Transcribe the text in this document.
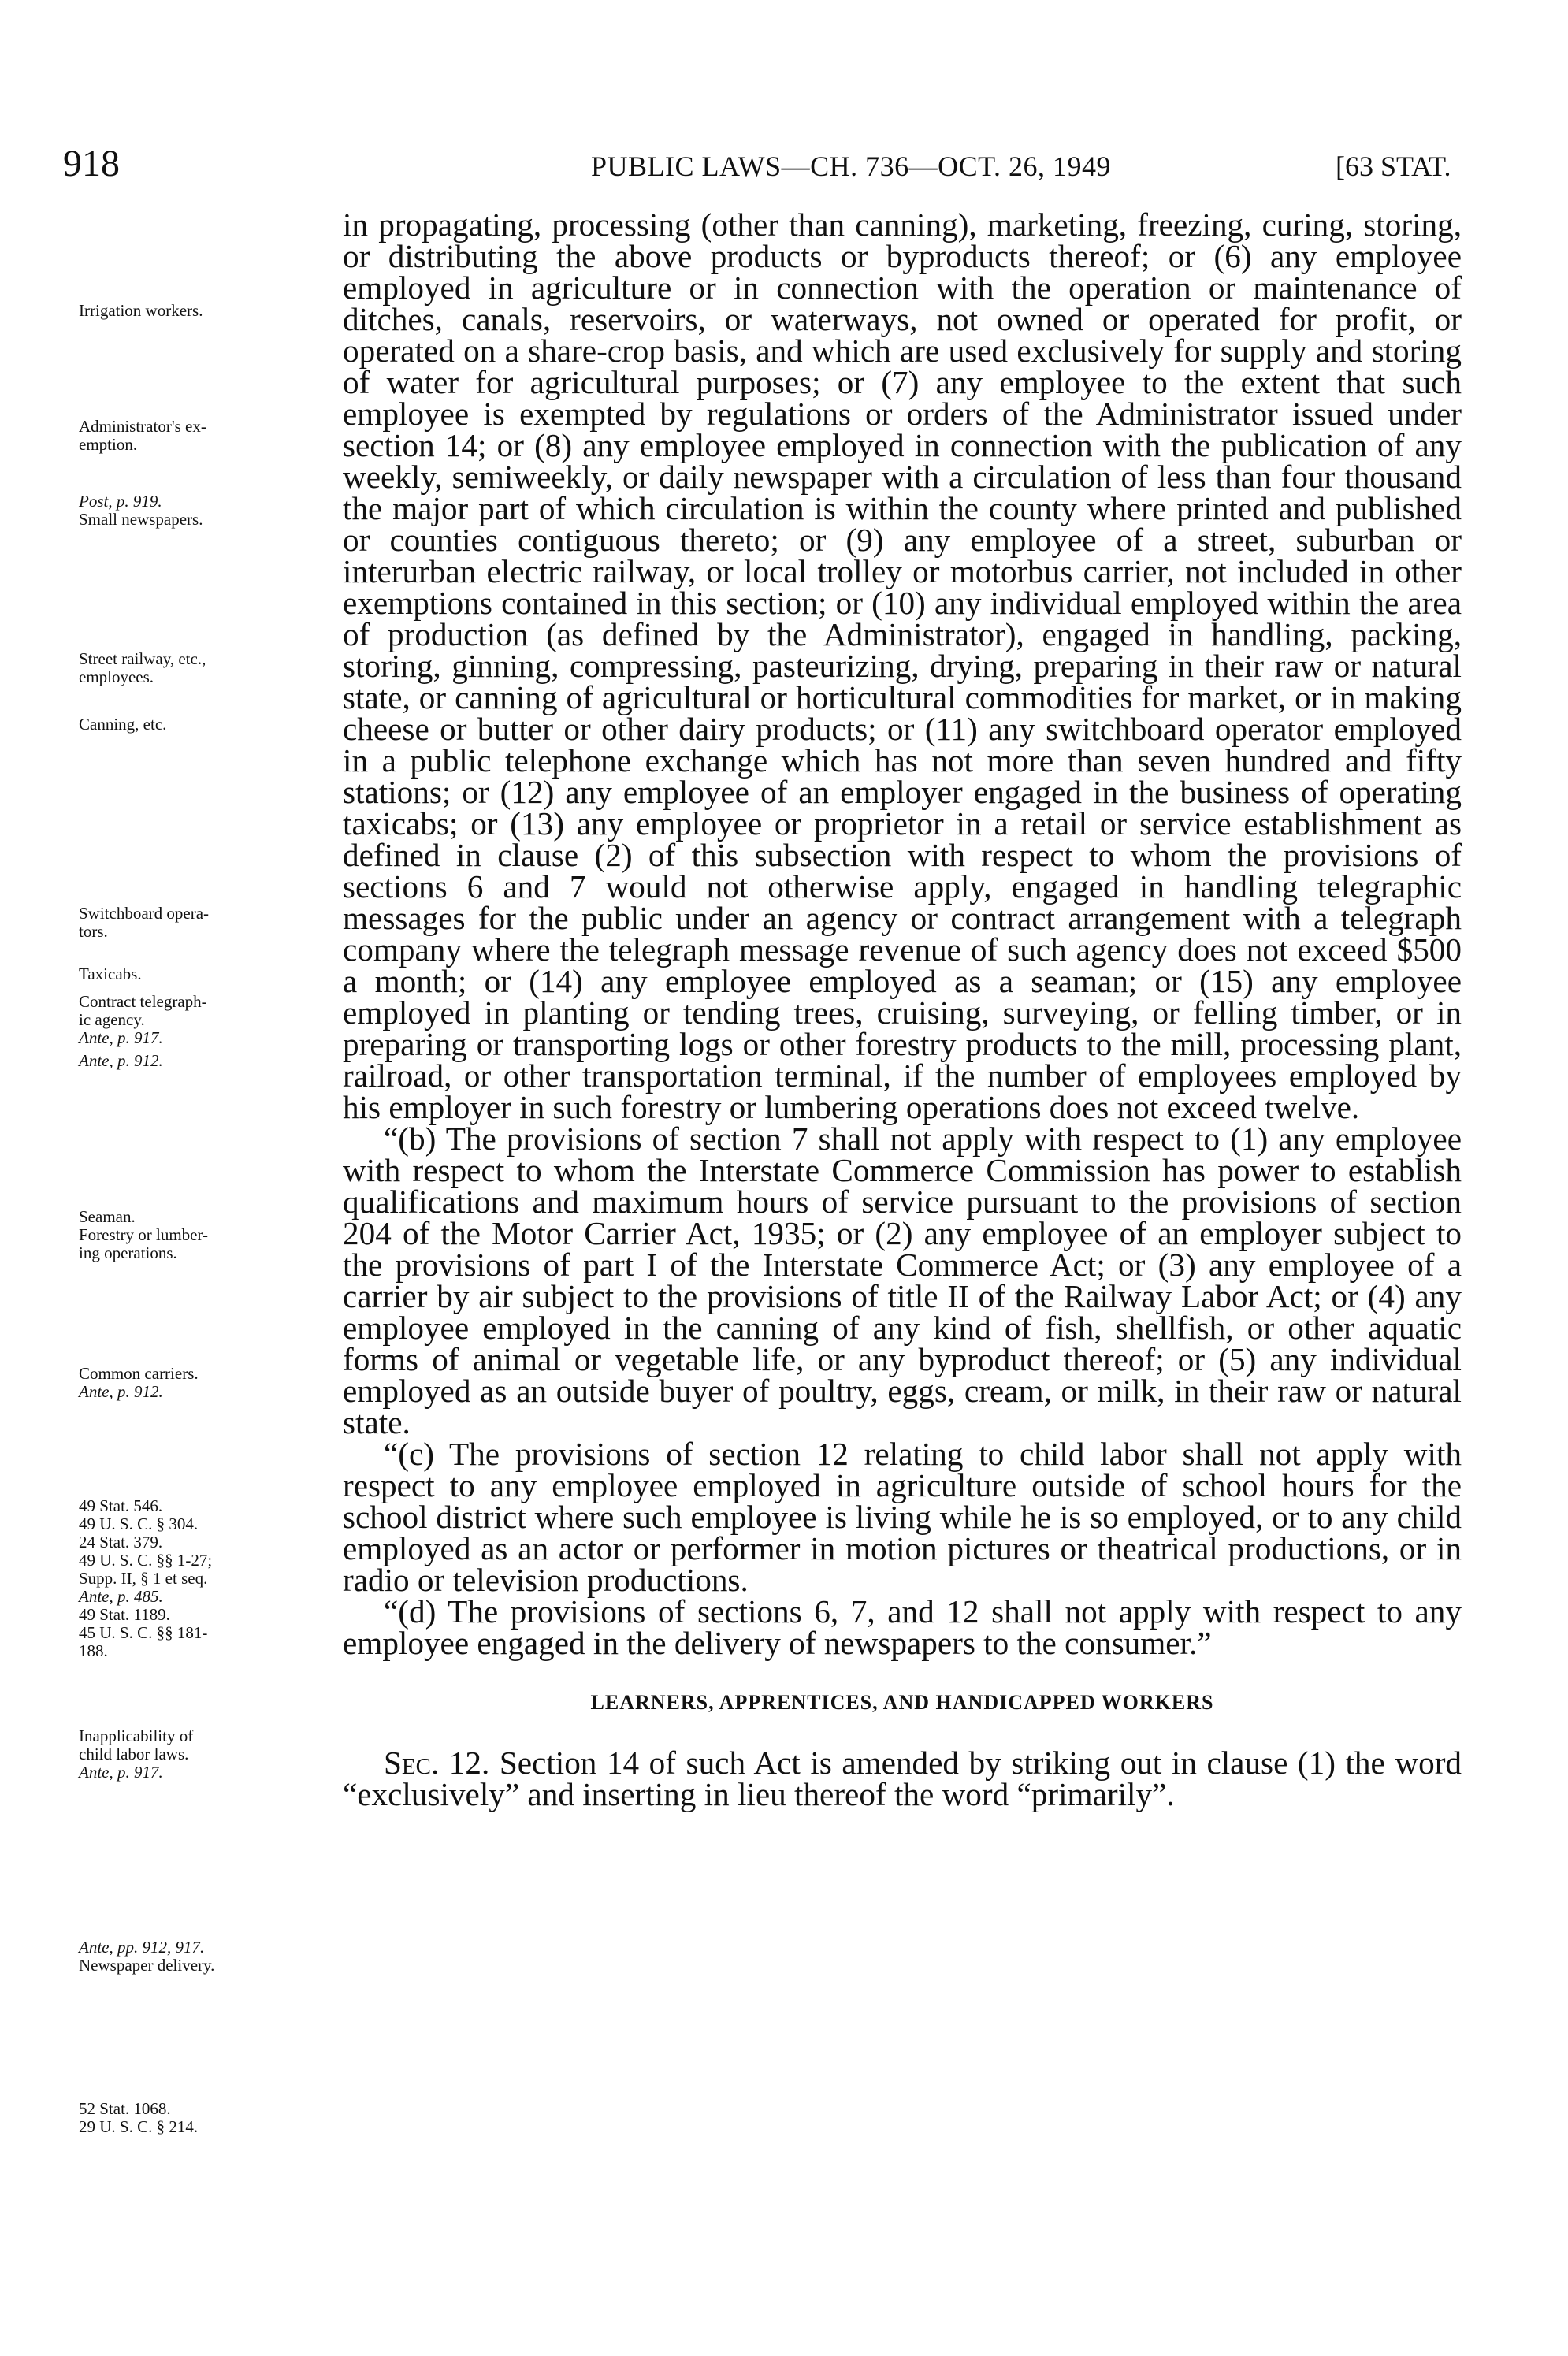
918	PUBLIC LAWS—CH. 736—OCT. 26, 1949	[63 STAT.
Irrigation workers.
Administrator's ex-
emption.
Post, p. 919.
Small newspapers.
Street railway, etc.,
employees.
Canning, etc.
Switchboard opera-
tors.
Taxicabs.
Contract telegraph-
ic agency.
Ante, p. 917.
Ante, p. 912.
Seaman.
Forestry or lumber-
ing operations.
Common carriers.
Ante, p. 912.
49 Stat. 546.
49 U. S. C. § 304.
24 Stat. 379.
49 U. S. C. §§ 1-27;
Supp. II, § 1 et seq.
Ante, p. 485.
49 Stat. 1189.
45 U. S. C. §§ 181-
188.
Inapplicability of
child labor laws.
Ante, p. 917.
Ante, pp. 912, 917.
Newspaper delivery.
52 Stat. 1068.
29 U. S. C. § 214.

in propagating, processing (other than canning), marketing, freezing, curing, storing, or distributing the above products or byproducts thereof; or (6) any employee employed in agriculture or in connection with the operation or maintenance of ditches, canals, reservoirs, or waterways, not owned or operated for profit, or operated on a share-crop basis, and which are used exclusively for supply and storing of water for agricultural purposes; or (7) any employee to the extent that such employee is exempted by regulations or orders of the Administrator issued under section 14; or (8) any employee employed in connection with the publication of any weekly, semiweekly, or daily newspaper with a circulation of less than four thousand the major part of which circulation is within the county where printed and published or counties contiguous thereto; or (9) any employee of a street, suburban or interurban electric railway, or local trolley or motorbus carrier, not included in other exemptions contained in this section; or (10) any individual employed within the area of production (as defined by the Administrator), engaged in handling, packing, storing, ginning, compressing, pasteurizing, drying, preparing in their raw or natural state, or canning of agricultural or horticultural commodities for market, or in making cheese or butter or other dairy products; or (11) any switchboard operator employed in a public telephone exchange which has not more than seven hundred and fifty stations; or (12) any employee of an employer engaged in the business of operating taxicabs; or (13) any employee or proprietor in a retail or service establishment as defined in clause (2) of this subsection with respect to whom the provisions of sections 6 and 7 would not otherwise apply, engaged in handling telegraphic messages for the public under an agency or contract arrangement with a telegraph company where the telegraph message revenue of such agency does not exceed $500 a month; or (14) any employee employed as a seaman; or (15) any employee employed in planting or tending trees, cruising, surveying, or felling timber, or in preparing or transporting logs or other forestry products to the mill, processing plant, railroad, or other transportation terminal, if the number of employees employed by his employer in such forestry or lumbering operations does not exceed twelve.

“(b) The provisions of section 7 shall not apply with respect to (1) any employee with respect to whom the Interstate Commerce Commission has power to establish qualifications and maximum hours of service pursuant to the provisions of section 204 of the Motor Carrier Act, 1935; or (2) any employee of an employer subject to the provisions of part I of the Interstate Commerce Act; or (3) any employee of a carrier by air subject to the provisions of title II of the Railway Labor Act; or (4) any employee employed in the canning of any kind of fish, shellfish, or other aquatic forms of animal or vegetable life, or any byproduct thereof; or (5) any individual employed as an outside buyer of poultry, eggs, cream, or milk, in their raw or natural state.

“(c) The provisions of section 12 relating to child labor shall not apply with respect to any employee employed in agriculture outside of school hours for the school district where such employee is living while he is so employed, or to any child employed as an actor or performer in motion pictures or theatrical productions, or in radio or television productions.

“(d) The provisions of sections 6, 7, and 12 shall not apply with respect to any employee engaged in the delivery of newspapers to the consumer.”

LEARNERS, APPRENTICES, AND HANDICAPPED WORKERS

Sec. 12. Section 14 of such Act is amended by striking out in clause (1) the word “exclusively” and inserting in lieu thereof the word “primarily”.
